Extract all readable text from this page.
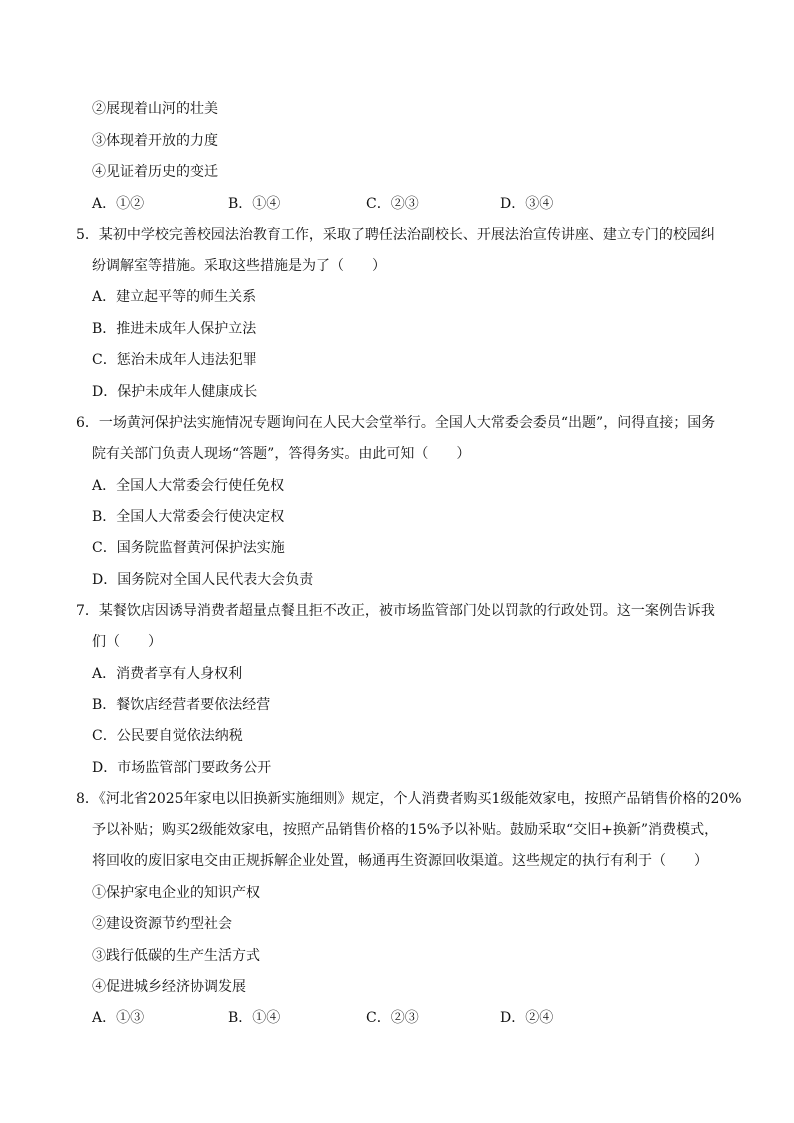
②展现着山河的壮美
③体现着开放的力度
④见证着历史的变迁
A．①②	B．①④	C．②③	D．③④
5．某初中学校完善校园法治教育工作，采取了聘任法治副校长、开展法治宣传讲座、建立专门的校园纠
纷调解室等措施。采取这些措施是为了（　　）
A．建立起平等的师生关系
B．推进未成年人保护立法
C．惩治未成年人违法犯罪
D．保护未成年人健康成长
6．一场黄河保护法实施情况专题询问在人民大会堂举行。全国人大常委会委员“出题”，问得直接；国务
院有关部门负责人现场“答题”，答得务实。由此可知（　　）
A．全国人大常委会行使任免权
B．全国人大常委会行使决定权
C．国务院监督黄河保护法实施
D．国务院对全国人民代表大会负责
7．某餐饮店因诱导消费者超量点餐且拒不改正，被市场监管部门处以罚款的行政处罚。这一案例告诉我
们（　　）
A．消费者享有人身权利
B．餐饮店经营者要依法经营
C．公民要自觉依法纳税
D．市场监管部门要政务公开
8．《河北省2025年家电以旧换新实施细则》规定，个人消费者购买1级能效家电，按照产品销售价格的20%
予以补贴；购买2级能效家电，按照产品销售价格的15%予以补贴。鼓励采取“交旧+换新”消费模式，
将回收的废旧家电交由正规拆解企业处置，畅通再生资源回收渠道。这些规定的执行有利于（　　）
①保护家电企业的知识产权
②建设资源节约型社会
③践行低碳的生产生活方式
④促进城乡经济协调发展
A．①③	B．①④	C．②③	D．②④
